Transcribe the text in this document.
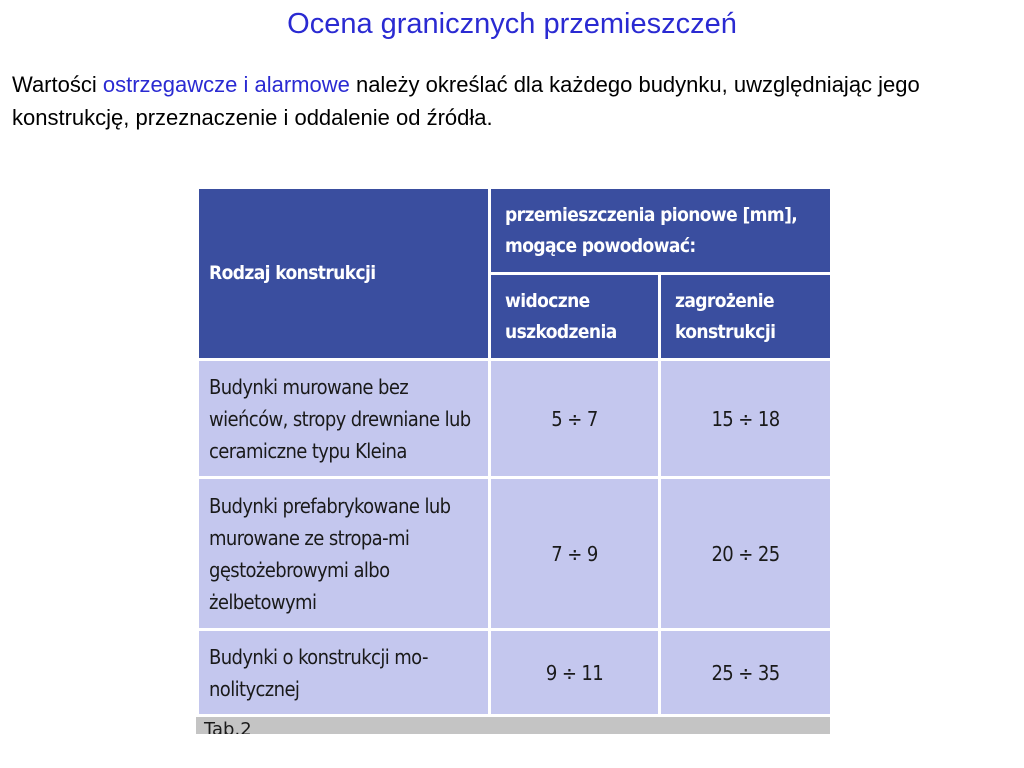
Ocena granicznych przemieszczeń
Wartości ostrzegawcze i alarmowe należy określać dla każdego budynku, uwzględniając jego konstrukcję, przeznaczenie i oddalenie od źródła.
Rodzaj konstrukcji	przemieszczenia pionowe [mm], mogące powodować:	
	widoczne uszkodzenia	zagrożenie konstrukcji
Budynki murowane bez wieńców, stropy drewniane lub ceramiczne typu Kleina	5 ÷ 7	15 ÷ 18
Budynki prefabrykowane lub murowane ze stropa-mi gęstożebrowymi albo żelbetowymi	7 ÷ 9	20 ÷ 25
Budynki o konstrukcji mo-nolitycznej	9 ÷ 11	25 ÷ 35
Tab.2
